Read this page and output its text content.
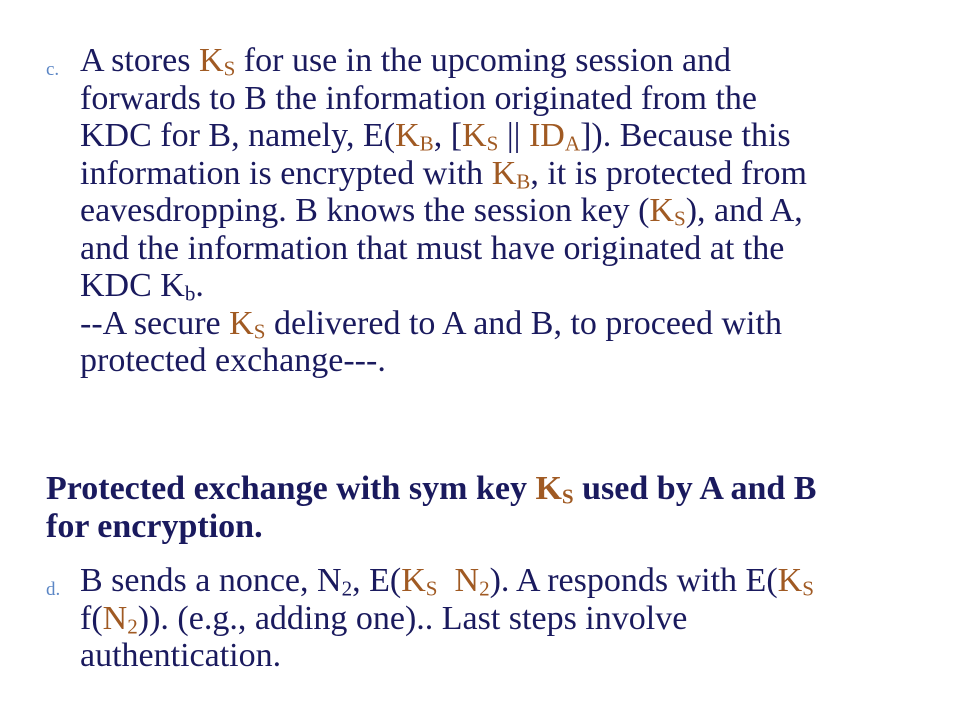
c. A stores $K_S$ for use in the upcoming session and
forwards to B the information originated from the
KDC for B, namely, $E(K_B$, [$K_S$ || $ID_A$]). Because this
information is encrypted with $K_B$, it is protected from
eavesdropping. B knows the session key $(K_S)$, and A,
and the information that must have originated at the
KDC $K_b$.
--A secure $K_S$ delivered to A and B, to proceed with
protected exchange---.
Protected exchange with sym key $K_S$ used by A and B
for encryption.
d. B sends a nonce, $N_2$, $E(K_S$ $N_2$). A responds with $E(K_S$
$f(N_2)$). (e.g., adding one).. Last steps involve
authentication.
